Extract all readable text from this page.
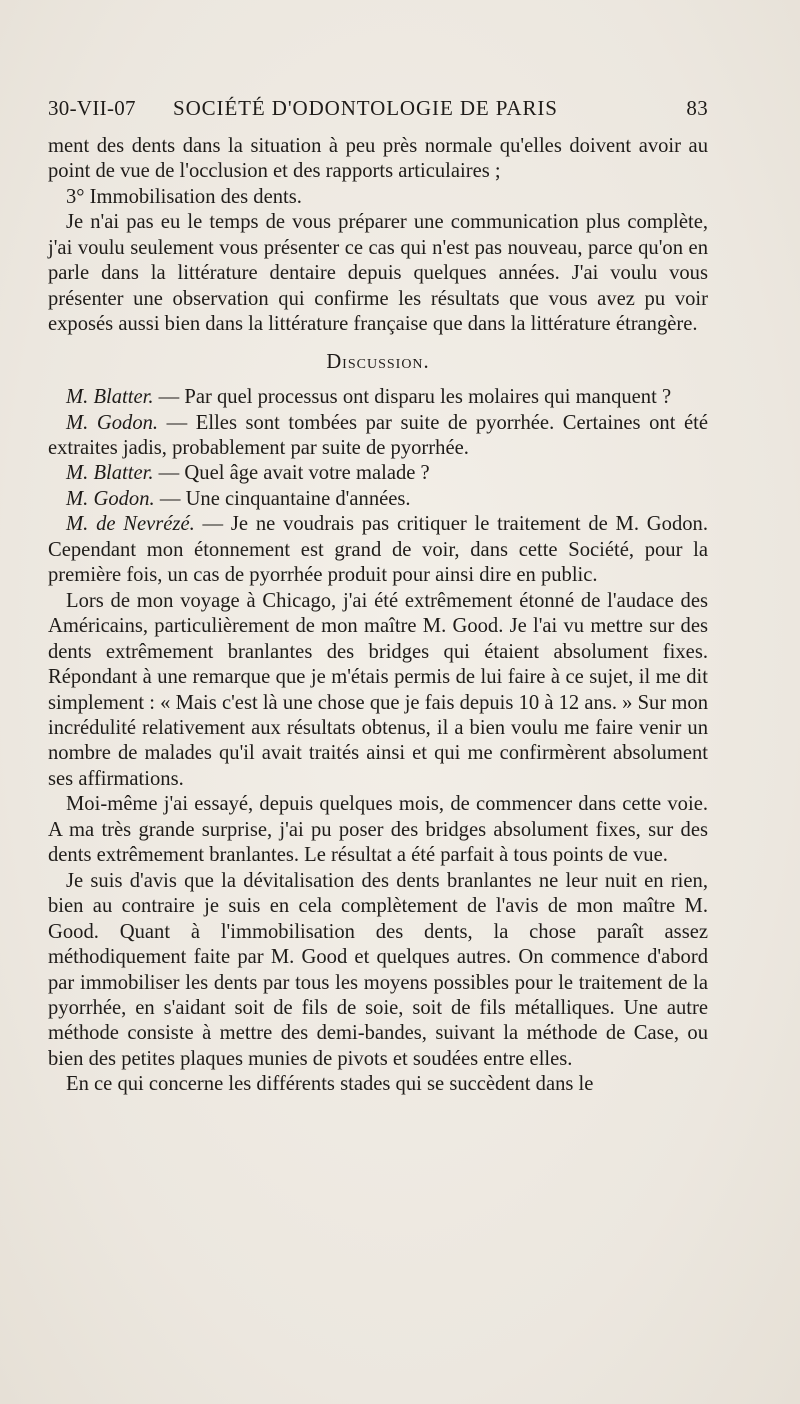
30-VII-07 SOCIÉTÉ D'ODONTOLOGIE DE PARIS	83

ment des dents dans la situation à peu près normale qu'elles doivent avoir au point de vue de l'occlusion et des rapports articulaires ;

3° Immobilisation des dents.

Je n'ai pas eu le temps de vous préparer une communication plus complète, j'ai voulu seulement vous présenter ce cas qui n'est pas nouveau, parce qu'on en parle dans la littérature dentaire depuis quelques années. J'ai voulu vous présenter une observation qui confirme les résultats que vous avez pu voir exposés aussi bien dans la littérature française que dans la littérature étrangère.

Discussion.

M. Blatter. — Par quel processus ont disparu les molaires qui manquent ?

M. Godon. — Elles sont tombées par suite de pyorrhée. Certaines ont été extraites jadis, probablement par suite de pyorrhée.

M. Blatter. — Quel âge avait votre malade ?

M. Godon. — Une cinquantaine d'années.

M. de Nevrézé. — Je ne voudrais pas critiquer le traitement de M. Godon. Cependant mon étonnement est grand de voir, dans cette Société, pour la première fois, un cas de pyorrhée produit pour ainsi dire en public.

Lors de mon voyage à Chicago, j'ai été extrêmement étonné de l'audace des Américains, particulièrement de mon maître M. Good. Je l'ai vu mettre sur des dents extrêmement branlantes des bridges qui étaient absolument fixes. Répondant à une remarque que je m'étais permis de lui faire à ce sujet, il me dit simplement : « Mais c'est là une chose que je fais depuis 10 à 12 ans. » Sur mon incrédulité relativement aux résultats obtenus, il a bien voulu me faire venir un nombre de malades qu'il avait traités ainsi et qui me confirmèrent absolument ses affirmations.

Moi-même j'ai essayé, depuis quelques mois, de commencer dans cette voie. A ma très grande surprise, j'ai pu poser des bridges absolument fixes, sur des dents extrêmement branlantes. Le résultat a été parfait à tous points de vue.

Je suis d'avis que la dévitalisation des dents branlantes ne leur nuit en rien, bien au contraire je suis en cela complètement de l'avis de mon maître M. Good. Quant à l'immobilisation des dents, la chose paraît assez méthodiquement faite par M. Good et quelques autres. On commence d'abord par immobiliser les dents par tous les moyens possibles pour le traitement de la pyorrhée, en s'aidant soit de fils de soie, soit de fils métalliques. Une autre méthode consiste à mettre des demi-bandes, suivant la méthode de Case, ou bien des petites plaques munies de pivots et soudées entre elles.

En ce qui concerne les différents stades qui se succèdent dans le
